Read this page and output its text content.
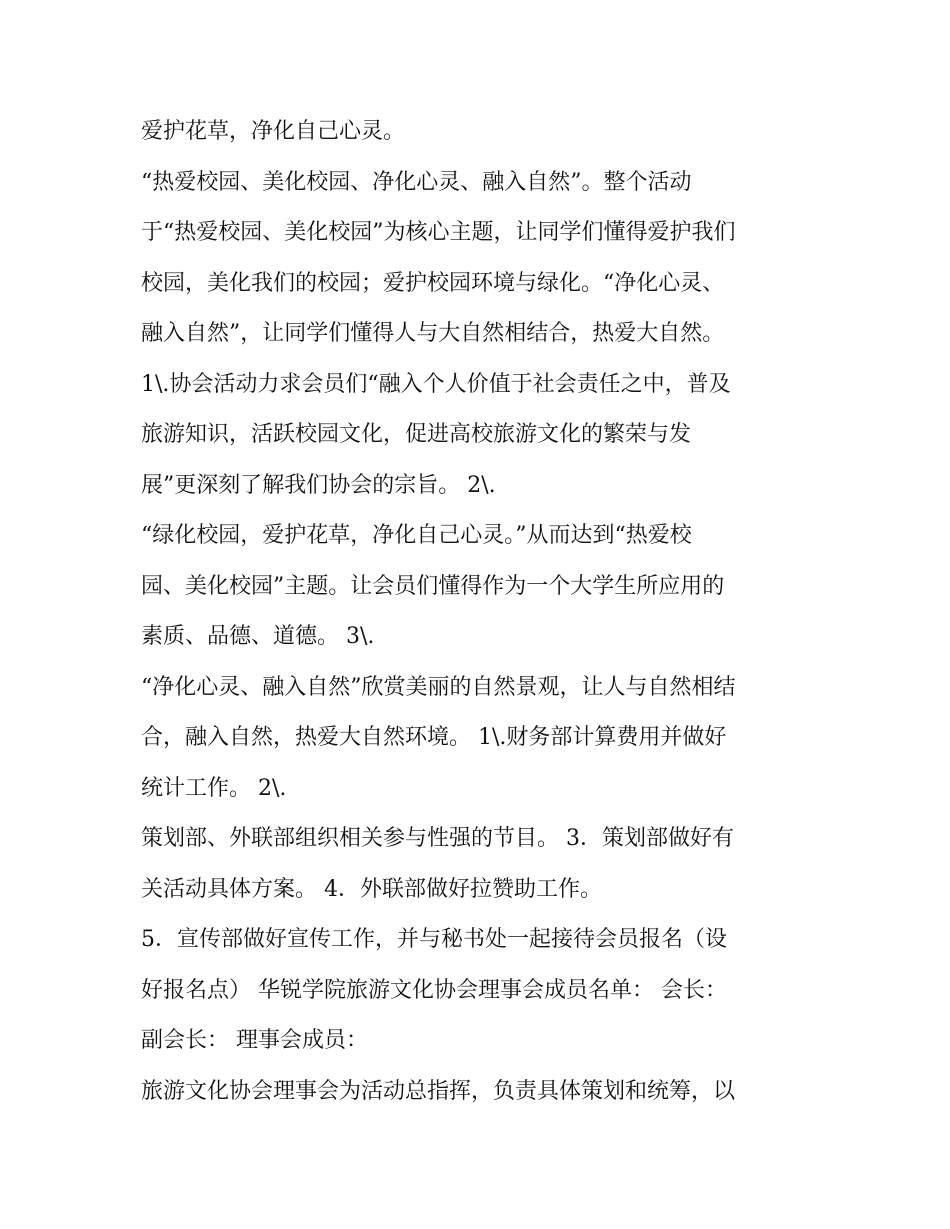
爱护花草，净化自己心灵。
“热爱校园、美化校园、净化心灵、融入自然”。整个活动
于“热爱校园、美化校园”为核心主题，让同学们懂得爱护我们
校园，美化我们的校园；爱护校园环境与绿化。“净化心灵、
融入自然”，让同学们懂得人与大自然相结合，热爱大自然。
1\.协会活动力求会员们“融入个人价值于社会责任之中，普及
旅游知识，活跃校园文化，促进高校旅游文化的繁荣与发
展”更深刻了解我们协会的宗旨。 2\.
“绿化校园，爱护花草，净化自己心灵。”从而达到“热爱校
园、美化校园”主题。让会员们懂得作为一个大学生所应用的
素质、品德、道德。 3\.
“净化心灵、融入自然”欣赏美丽的自然景观，让人与自然相结
合，融入自然，热爱大自然环境。 1\.财务部计算费用并做好
统计工作。 2\.
策划部、外联部组织相关参与性强的节目。 3．策划部做好有
关活动具体方案。 4．外联部做好拉赞助工作。
5．宣传部做好宣传工作，并与秘书处一起接待会员报名（设
好报名点） 华锐学院旅游文化协会理事会成员名单： 会长：
副会长： 理事会成员：
旅游文化协会理事会为活动总指挥，负责具体策划和统筹，以
